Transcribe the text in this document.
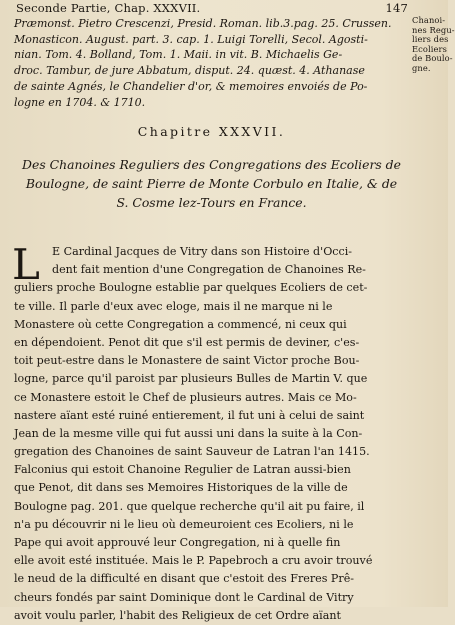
Seconde Partie, Chap. XXXVII.	147
Chanoi-
nes Regu-
liers des
Ecoliers
de Boulo-
gne.
Præmonst. Pietro Crescenzi, Presid. Roman. lib.3.pag. 25. Crussen.
Monasticon. August. part. 3. cap. 1. Luigi Torelli, Secol. Agosti-
nian. Tom. 4. Bolland, Tom. 1. Maii. in vit. B. Michaelis Ge-
droc. Tambur, de jure Abbatum, disput. 24. quæst. 4. Athanase
de sainte Agnés, le Chandelier d'or, & memoires envoiés de Po-
logne en 1704. & 1710.
Chapitre XXXVII.
Des Chanoines Reguliers des Congregations des Ecoliers de
Boulogne, de saint Pierre de Monte Corbulo en Italie, & de
S. Cosme lez-Tours en France.
L	E Cardinal Jacques de Vitry dans son Histoire d'Occi-
dent fait mention d'une Congregation de Chanoines Re-
guliers proche Boulogne establie par quelques Ecoliers de cet-
te ville. Il parle d'eux avec eloge, mais il ne marque ni le
Monastere où cette Congregation a commencé, ni ceux qui
en dépendoient. Penot dit que s'il est permis de deviner, c'es-
toit peut-estre dans le Monastere de saint Victor proche Bou-
logne, parce qu'il paroist par plusieurs Bulles de Martin V. que
ce Monastere estoit le Chef de plusieurs autres. Mais ce Mo-
nastere aïant esté ruiné entierement, il fut uni à celui de saint
Jean de la mesme ville qui fut aussi uni dans la suite à la Con-
gregation des Chanoines de saint Sauveur de Latran l'an 1415.
Falconius qui estoit Chanoine Regulier de Latran aussi-bien
que Penot, dit dans ses Memoires Historiques de la ville de
Boulogne pag. 201. que quelque recherche qu'il ait pu faire, il
n'a pu découvrir ni le lieu où demeuroient ces Ecoliers, ni le
Pape qui avoit approuvé leur Congregation, ni à quelle fin
elle avoit esté instituée. Mais le P. Papebroch a cru avoir trouvé
le neud de la difficulté en disant que c'estoit des Freres Prê-
cheurs fondés par saint Dominique dont le Cardinal de Vitry
avoit voulu parler, l'habit des Religieux de cet Ordre aïant
